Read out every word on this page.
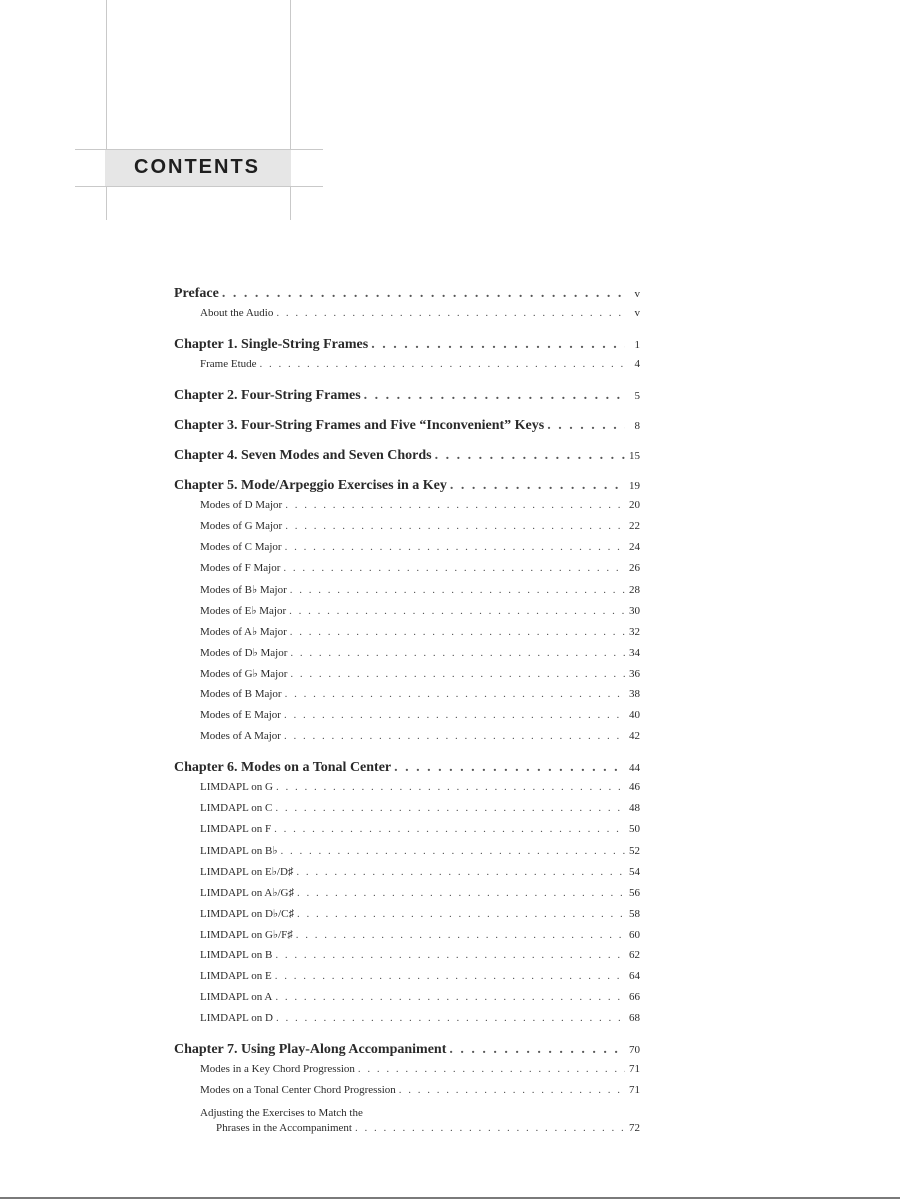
CONTENTS
Preface . . .	v
About the Audio . . .	v
Chapter 1. Single-String Frames . . .	1
Frame Etude . . .	4
Chapter 2. Four-String Frames . . .	5
Chapter 3. Four-String Frames and Five “Inconvenient” Keys . . .	8
Chapter 4. Seven Modes and Seven Chords . . .	15
Chapter 5. Mode/Arpeggio Exercises in a Key . . .	19
Modes of D Major . . .	20
Modes of G Major . . .	22
Modes of C Major . . .	24
Modes of F Major . . .	26
Modes of B♭ Major . . .	28
Modes of E♭ Major . . .	30
Modes of A♭ Major . . .	32
Modes of D♭ Major . . .	34
Modes of G♭ Major . . .	36
Modes of B Major . . .	38
Modes of E Major . . .	40
Modes of A Major . . .	42
Chapter 6. Modes on a Tonal Center . . .	44
LIMDAPL on G . . .	46
LIMDAPL on C . . .	48
LIMDAPL on F . . .	50
LIMDAPL on B♭ . . .	52
LIMDAPL on E♭/D♯ . . .	54
LIMDAPL on A♭/G♯ . . .	56
LIMDAPL on D♭/C♯ . . .	58
LIMDAPL on G♭/F♯ . . .	60
LIMDAPL on B . . .	62
LIMDAPL on E . . .	64
LIMDAPL on A . . .	66
LIMDAPL on D . . .	68
Chapter 7. Using Play-Along Accompaniment . . .	70
Modes in a Key Chord Progression . . .	71
Modes on a Tonal Center Chord Progression . . .	71
Adjusting the Exercises to Match the
Phrases in the Accompaniment . . .	72
